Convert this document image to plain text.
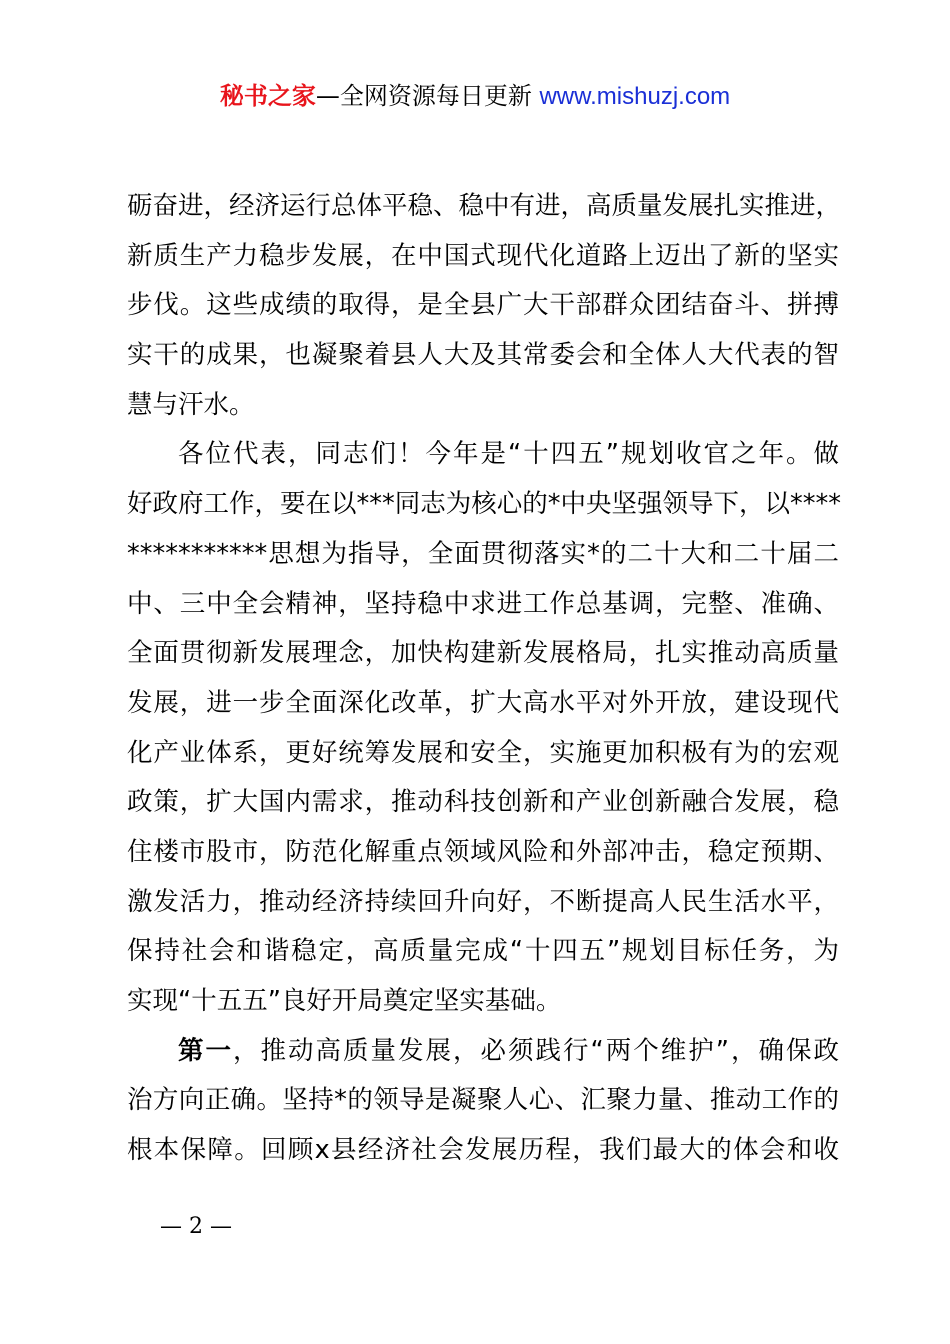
秘书之家—全网资源每日更新 www.mishuzj.com
砺奋进，经济运行总体平稳、稳中有进，高质量发展扎实推进，
新质生产力稳步发展，在中国式现代化道路上迈出了新的坚实
步伐。这些成绩的取得，是全县广大干部群众团结奋斗、拼搏
实干的成果，也凝聚着县人大及其常委会和全体人大代表的智
慧与汗水。
各位代表，同志们！今年是“十四五”规划收官之年。做
好政府工作，要在以***同志为核心的*中央坚强领导下，以****
***********思想为指导，全面贯彻落实*的二十大和二十届二
中、三中全会精神，坚持稳中求进工作总基调，完整、准确、
全面贯彻新发展理念，加快构建新发展格局，扎实推动高质量
发展，进一步全面深化改革，扩大高水平对外开放，建设现代
化产业体系，更好统筹发展和安全，实施更加积极有为的宏观
政策，扩大国内需求，推动科技创新和产业创新融合发展，稳
住楼市股市，防范化解重点领域风险和外部冲击，稳定预期、
激发活力，推动经济持续回升向好，不断提高人民生活水平，
保持社会和谐稳定，高质量完成“十四五”规划目标任务，为
实现“十五五”良好开局奠定坚实基础。
第一，推动高质量发展，必须践行“两个维护”，确保政
治方向正确。坚持*的领导是凝聚人心、汇聚力量、推动工作的
根本保障。回顾x县经济社会发展历程，我们最大的体会和收
— 2 —
